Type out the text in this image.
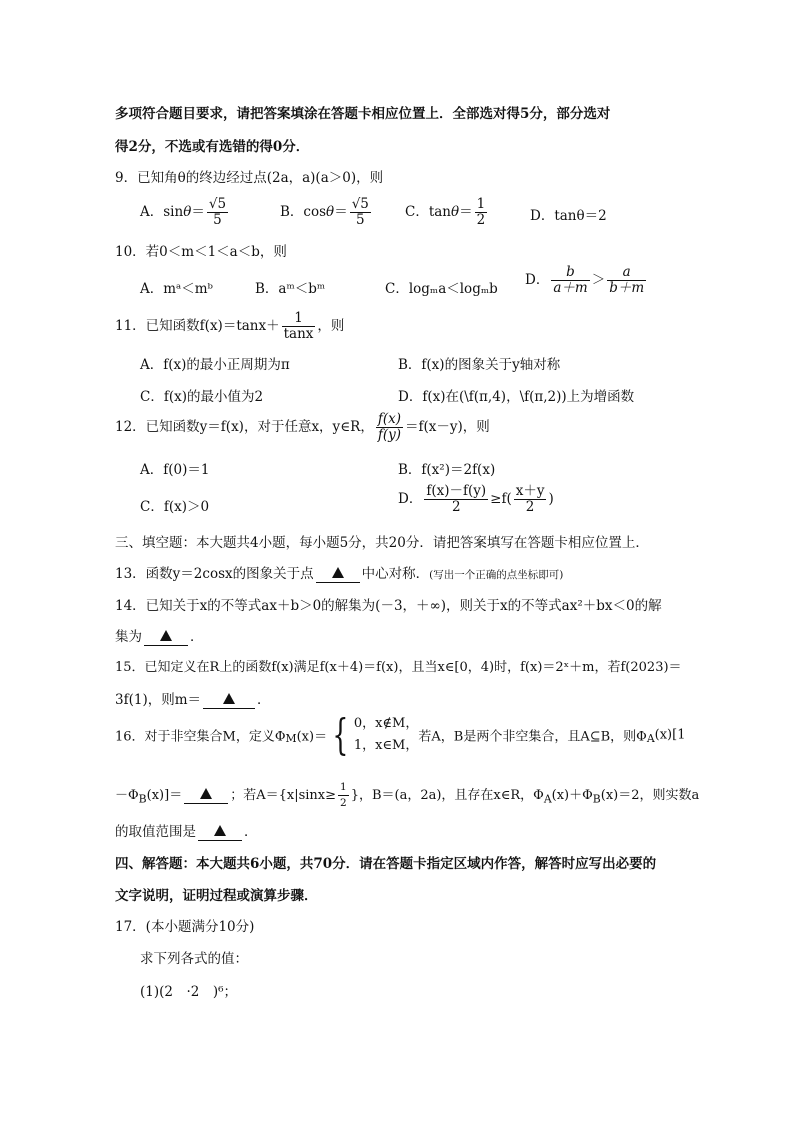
多项符合题目要求，请把答案填涂在答题卡相应位置上．全部选对得5分，部分选对
得2分，不选或有选错的得0分．
9．已知角θ的终边经过点(2a，a)(a＞0)，则
A．$\sin\theta= \frac{√5}{5}$	B．$\cos\theta= \frac{√5}{5}$	C．$\tan\theta= \frac{1}{2}$	D．tanθ＝2
10．若0＜m＜1＜a＜b，则
A．mᵃ＜mᵇ	B．aᵐ＜bᵐ	C．logₘa＜logₘb
D． $\frac{b}{a+m} > \frac{a}{b+m}$
11．已知函数$f(x)=\tan x+ \frac{1}{\tan x}$ ，则
A．f(x)的最小正周期为π	B．f(x)的图象关于y轴对称
C．f(x)的最小值为2	D．f(x)在(\f(π,4)，\f(π,2))上为增函数
12．已知函数y＝f(x)，对于任意x，y∈R， $\frac{f(x)}{f(y)} =f(x-y)$，则
A．f(0)＝1	B．f(x²)＝2f(x)
C．f(x)＞0	D． $\frac{f(x)-f(y)}{2} \ge f( \frac{x+y}{2}$ )
三、填空题：本大题共4小题，每小题5分，共20分．请把答案填写在答题卡相应位置上．
13．函数y＝2cosx的图象关于点	中心对称．(写出一个正确的点坐标即可)
14．已知关于x的不等式ax＋b＞0的解集为(－3，＋∞)，则关于x的不等式ax²＋bx＜0的解
集为	．
15．已知定义在R上的函数f(x)满足f(x＋4)＝f(x)，且当x∈[0，4)时，f(x)＝2ˣ＋m，若f(2023)＝
3f(1)，则m＝	．
16．对于非空集合M，定义$\Phi_M(x)=$ { 0，x∉M，
1，x∈M，
若A，B是两个非空集合，且A⊆B，则$\Phi_A(x)[1$
$-\Phi_B(x)]=$	；若$A=\{x|\sin x\ge \frac{1}{2}$ }，B＝(a，2a)，且存在x∈R，$\Phi_A(x)+\Phi_B(x)=2$，则实数a
的取值范围是	．
四、解答题：本大题共6小题，共70分．请在答题卡指定区域内作答，解答时应写出必要的
文字说明，证明过程或演算步骤．
17．(本小题满分10分)
求下列各式的值：
(1)(2　·2　)⁶；
